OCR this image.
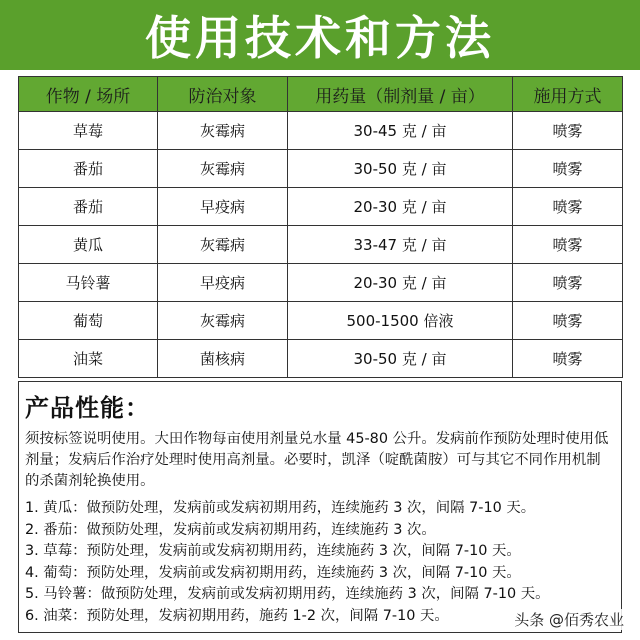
使用技术和方法
作物 / 场所	防治对象	用药量（制剂量 / 亩）	施用方式
草莓	灰霉病	30-45 克 / 亩	喷雾
番茄	灰霉病	30-50 克 / 亩	喷雾
番茄	早疫病	20-30 克 / 亩	喷雾
黄瓜	灰霉病	33-47 克 / 亩	喷雾
马铃薯	早疫病	20-30 克 / 亩	喷雾
葡萄	灰霉病	500-1500 倍液	喷雾
油菜	菌核病	30-50 克 / 亩	喷雾
产品性能：

须按标签说明使用。大田作物每亩使用剂量兑水量 45-80 公升。发病前作预防处理时使用低剂量；发病后作治疗处理时使用高剂量。必要时，凯泽（啶酰菌胺）可与其它不同作用机制的杀菌剂轮换使用。

1. 黄瓜：做预防处理，发病前或发病初期用药，连续施药 3 次，间隔 7-10 天。
2. 番茄：做预防处理，发病前或发病初期用药，连续施药 3 次。
3. 草莓：预防处理，发病前或发病初期用药，连续施药 3 次，间隔 7-10 天。
4. 葡萄：预防处理，发病前或发病初期用药，连续施药 3 次，间隔 7-10 天。
5. 马铃薯：做预防处理，发病前或发病初期用药，连续施药 3 次，间隔 7-10 天。
6. 油菜：预防处理，发病初期用药，施药 1-2 次，间隔 7-10 天。	头条 @佰秀农业
